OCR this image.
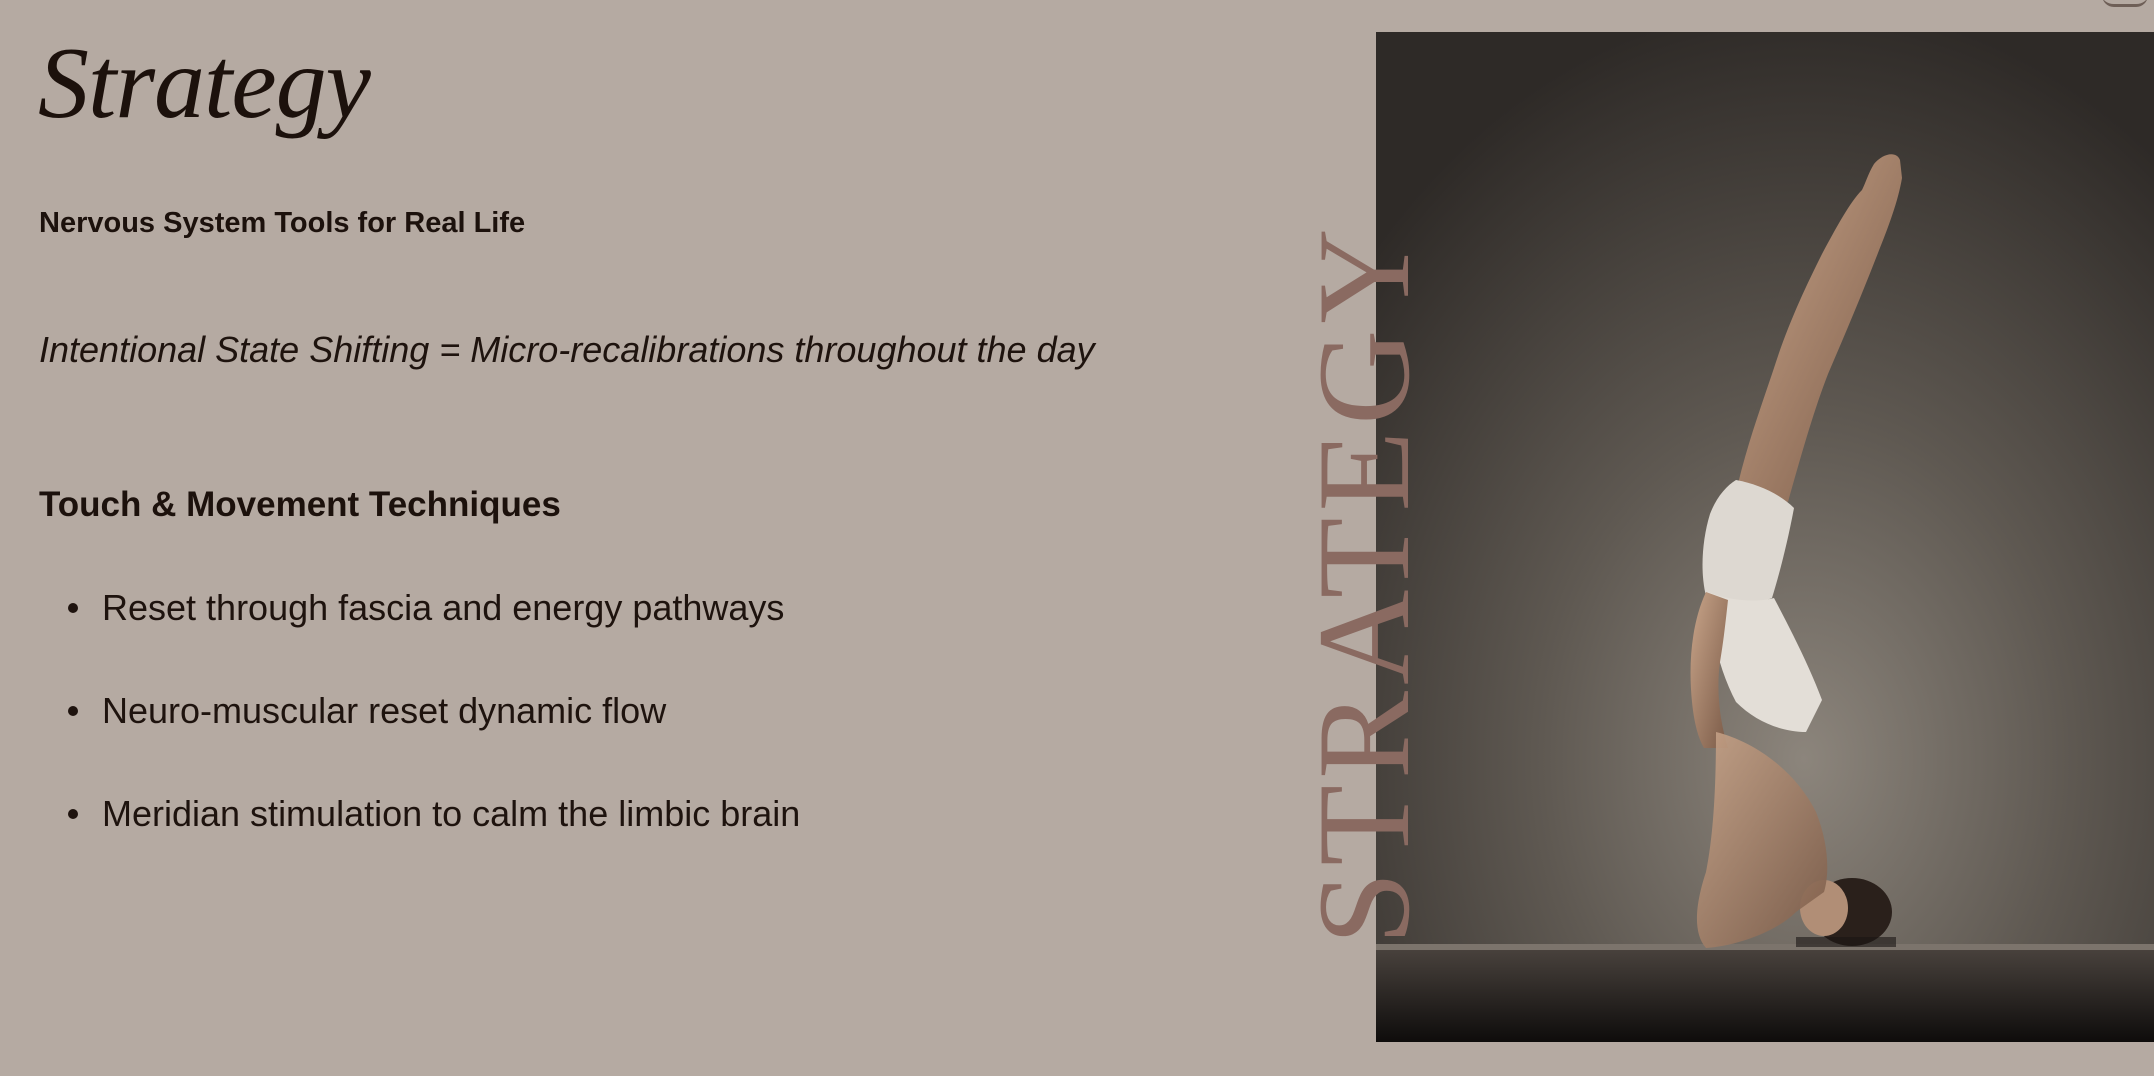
Strategy
Nervous System Tools for Real Life

Intentional State Shifting = Micro-recalibrations throughout the day

Touch & Movement Techniques
Reset through fascia and energy pathways
Neuro-muscular reset dynamic flow
Meridian stimulation to calm the limbic brain	STRATEGY
